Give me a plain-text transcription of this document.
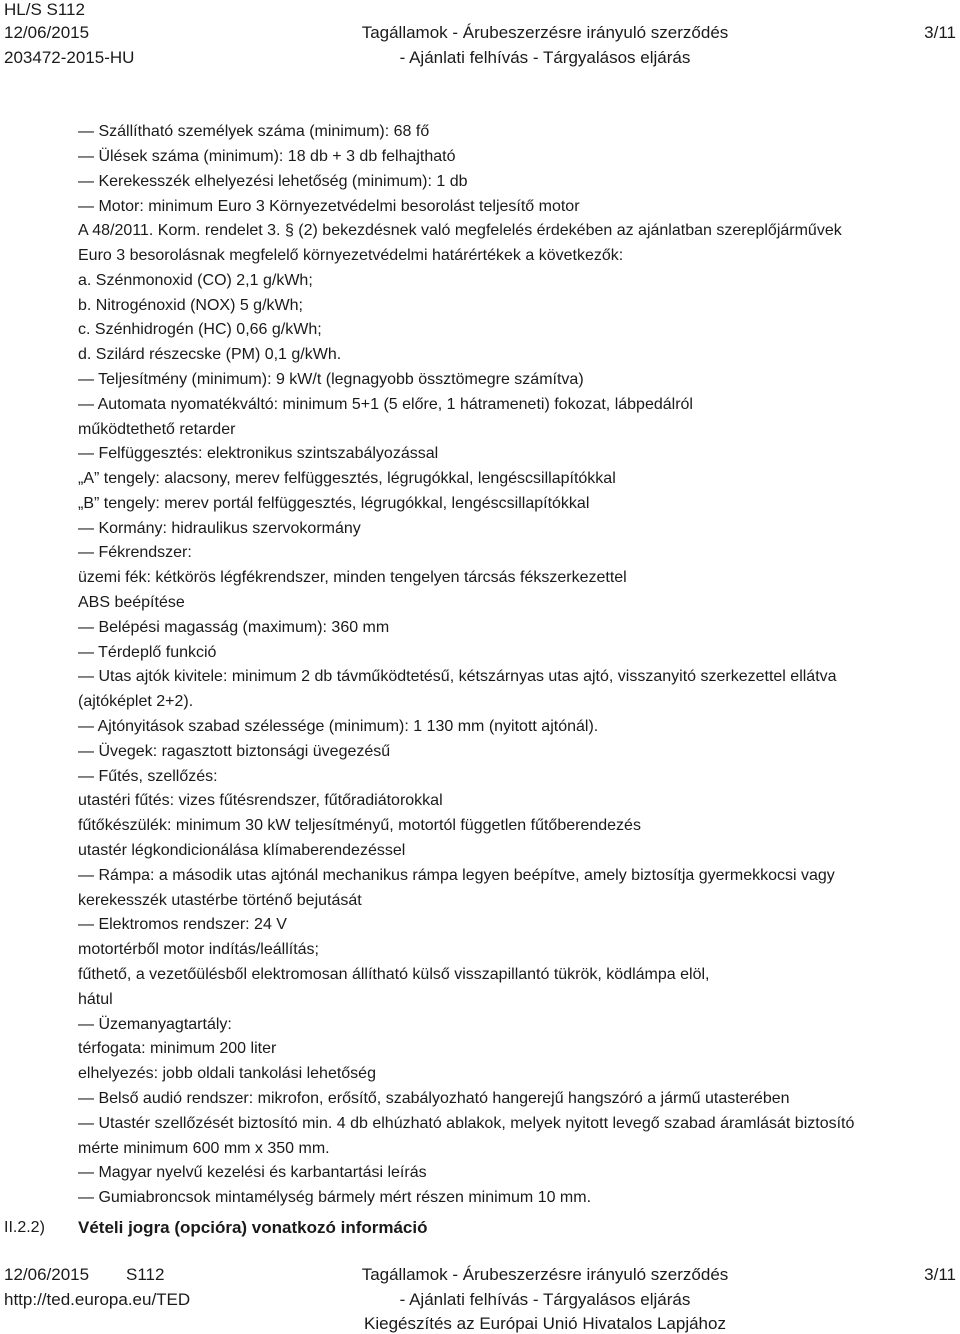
HL/S S112
12/06/2015
203472-2015-HU
Tagállamok - Árubeszerzésre irányuló szerződés
- Ajánlati felhívás - Tárgyalásos eljárás
3/11
— Szállítható személyek száma (minimum): 68 fő
— Ülések száma (minimum): 18 db + 3 db felhajtható
— Kerekesszék elhelyezési lehetőség (minimum): 1 db
— Motor: minimum Euro 3 Környezetvédelmi besorolást teljesítő motor
A 48/2011. Korm. rendelet 3. § (2) bekezdésnek való megfelelés érdekében az ajánlatban szereplőjárművek
Euro 3 besorolásnak megfelelő környezetvédelmi határértékek a következők:
a. Szénmonoxid (CO) 2,1 g/kWh;
b. Nitrogénoxid (NOX) 5 g/kWh;
c. Szénhidrogén (HC) 0,66 g/kWh;
d. Szilárd részecske (PM) 0,1 g/kWh.
— Teljesítmény (minimum): 9 kW/t (legnagyobb össztömegre számítva)
— Automata nyomatékváltó: minimum 5+1 (5 előre, 1 hátrameneti) fokozat, lábpedálról
működtethető retarder
— Felfüggesztés: elektronikus szintszabályozással
„A” tengely: alacsony, merev felfüggesztés, légrugókkal, lengéscsillapítókkal
„B” tengely: merev portál felfüggesztés, légrugókkal, lengéscsillapítókkal
— Kormány: hidraulikus szervokormány
— Fékrendszer:
üzemi fék: kétkörös légfékrendszer, minden tengelyen tárcsás fékszerkezettel
ABS beépítése
— Belépési magasság (maximum): 360 mm
— Térdeplő funkció
— Utas ajtók kivitele: minimum 2 db távműködtetésű, kétszárnyas utas ajtó, visszanyitó szerkezettel ellátva
(ajtóképlet 2+2).
— Ajtónyitások szabad szélessége (minimum): 1 130 mm (nyitott ajtónál).
— Üvegek: ragasztott biztonsági üvegezésű
— Fűtés, szellőzés:
utastéri fűtés: vizes fűtésrendszer, fűtőradiátorokkal
fűtőkészülék: minimum 30 kW teljesítményű, motortól független fűtőberendezés
utastér légkondicionálása klímaberendezéssel
— Rámpa: a második utas ajtónál mechanikus rámpa legyen beépítve, amely biztosítja gyermekkocsi vagy
kerekesszék utastérbe történő bejutását
— Elektromos rendszer: 24 V
motortérből motor indítás/leállítás;
fűthető, a vezetőülésből elektromosan állítható külső visszapillantó tükrök, ködlámpa elöl,
hátul
— Üzemanyagtartály:
térfogata: minimum 200 liter
elhelyezés: jobb oldali tankolási lehetőség
— Belső audió rendszer: mikrofon, erősítő, szabályozható hangerejű hangszóró a jármű utasterében
— Utastér szellőzését biztosító min. 4 db elhúzható ablakok, melyek nyitott levegő szabad áramlását biztosító
mérte minimum 600 mm x 350 mm.
— Magyar nyelvű kezelési és karbantartási leírás
— Gumiabroncsok mintamélység bármely mért részen minimum 10 mm.
II.2.2) Vételi jogra (opcióra) vonatkozó információ
12/06/2015 S112
http://ted.europa.eu/TED
Tagállamok - Árubeszerzésre irányuló szerződés
- Ajánlati felhívás - Tárgyalásos eljárás
Kiegészítés az Európai Unió Hivatalos Lapjához
3/11
